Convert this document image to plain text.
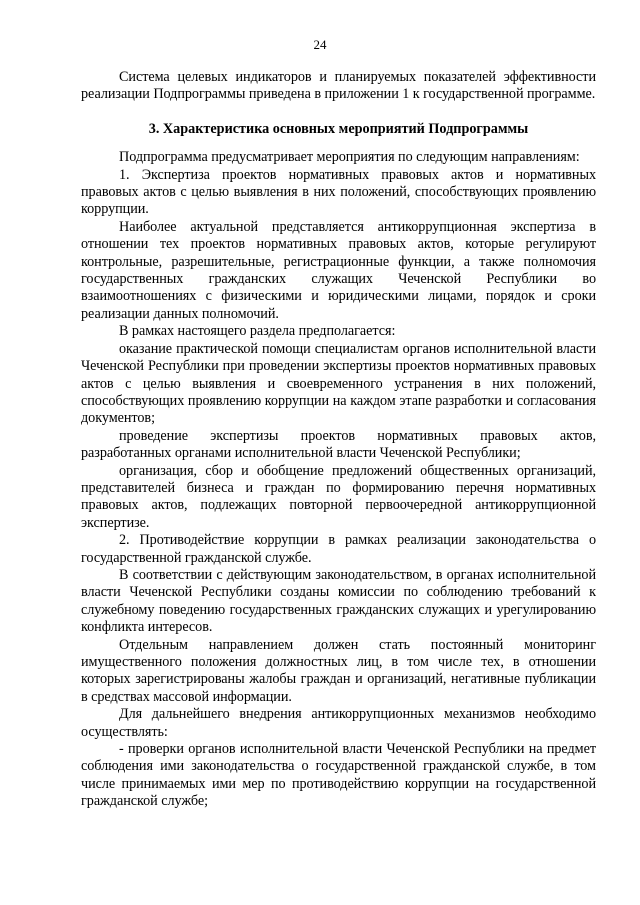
24

Система целевых индикаторов и планируемых показателей эффективности реализации Подпрограммы приведена в приложении 1 к государственной программе.

3. Характеристика основных мероприятий Подпрограммы

Подпрограмма предусматривает мероприятия по следующим направлениям:

1. Экспертиза проектов нормативных правовых актов и нормативных правовых актов с целью выявления в них положений, способствующих проявлению коррупции.

Наиболее актуальной представляется антикоррупционная экспертиза в отношении тех проектов нормативных правовых актов, которые регулируют контрольные, разрешительные, регистрационные функции, а также полномочия государственных гражданских служащих Чеченской Республики во взаимоотношениях с физическими и юридическими лицами, порядок и сроки реализации данных полномочий.

В рамках настоящего раздела предполагается:

оказание практической помощи специалистам органов исполнительной власти Чеченской Республики при проведении экспертизы проектов нормативных правовых актов с целью выявления и своевременного устранения в них положений, способствующих проявлению коррупции на каждом этапе разработки и согласования документов;

проведение экспертизы проектов нормативных правовых актов, разработанных органами исполнительной власти Чеченской Республики;

организация, сбор и обобщение предложений общественных организаций, представителей бизнеса и граждан по формированию перечня нормативных правовых актов, подлежащих повторной первоочередной антикоррупционной экспертизе.

2. Противодействие коррупции в рамках реализации законодательства о государственной гражданской службе.

В соответствии с действующим законодательством, в органах исполнительной власти Чеченской Республики созданы комиссии по соблюдению требований к служебному поведению государственных гражданских служащих и урегулированию конфликта интересов.

Отдельным направлением должен стать постоянный мониторинг имущественного положения должностных лиц, в том числе тех, в отношении которых зарегистрированы жалобы граждан и организаций, негативные публикации в средствах массовой информации.

Для дальнейшего внедрения антикоррупционных механизмов необходимо осуществлять:

- проверки органов исполнительной власти Чеченской Республики на предмет соблюдения ими законодательства о государственной гражданской службе, в том числе принимаемых ими мер по противодействию коррупции на государственной гражданской службе;
